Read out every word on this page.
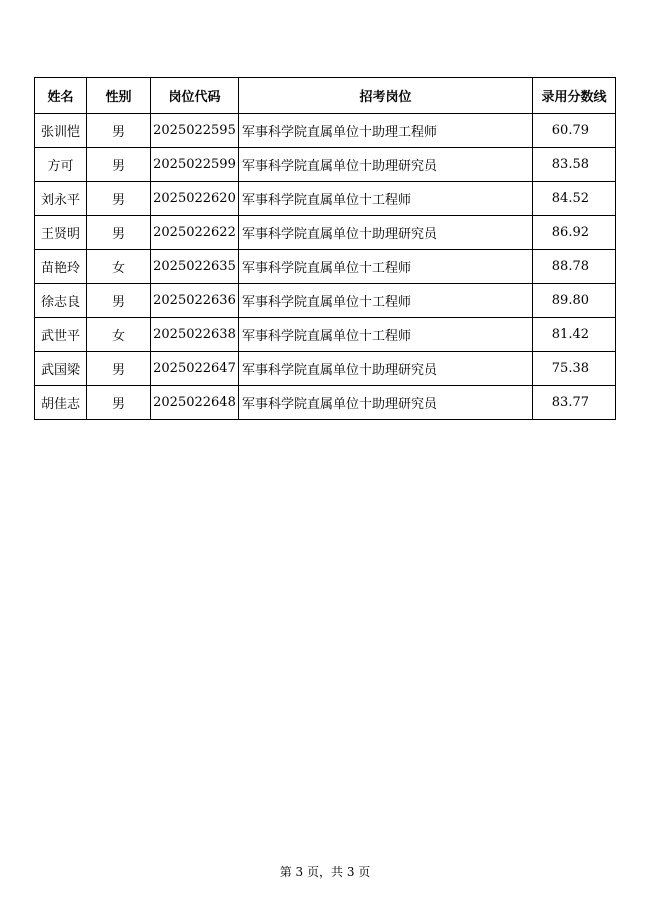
姓名	性别	岗位代码	招考岗位	录用分数线
张训恺	男	2025022595	军事科学院直属单位十助理工程师	60.79
方可	男	2025022599	军事科学院直属单位十助理研究员	83.58
刘永平	男	2025022620	军事科学院直属单位十工程师	84.52
王贤明	男	2025022622	军事科学院直属单位十助理研究员	86.92
苗艳玲	女	2025022635	军事科学院直属单位十工程师	88.78
徐志良	男	2025022636	军事科学院直属单位十工程师	89.80
武世平	女	2025022638	军事科学院直属单位十工程师	81.42
武国梁	男	2025022647	军事科学院直属单位十助理研究员	75.38
胡佳志	男	2025022648	军事科学院直属单位十助理研究员	83.77
第 3 页，共 3 页
